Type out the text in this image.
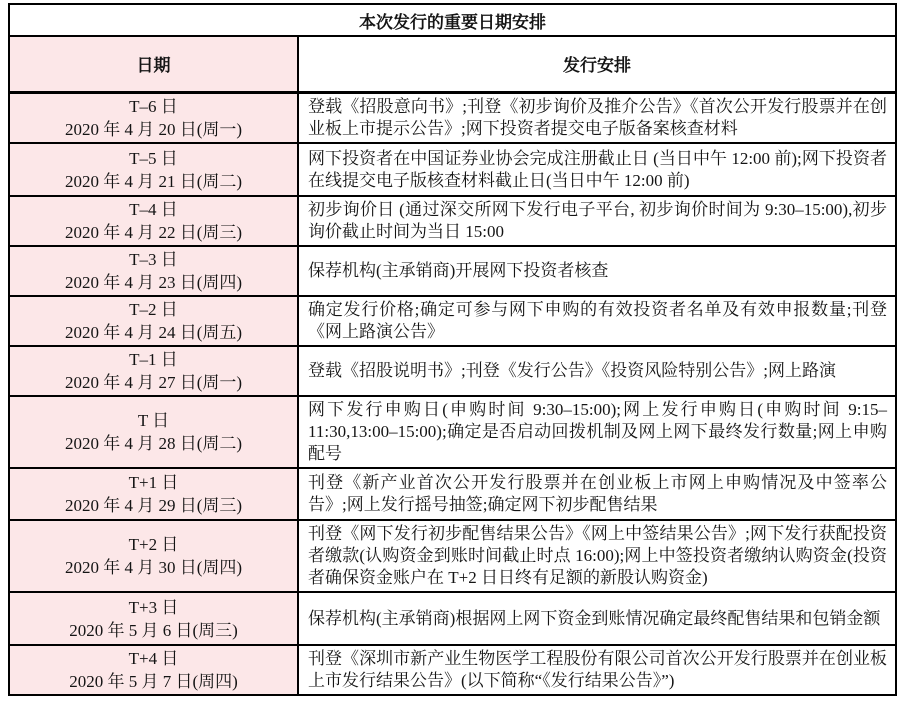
本次发行的重要日期安排	
日期	发行安排

T–6 日
2020 年 4 月 20 日(周一)	登载《招股意向书》;刊登《初步询价及推介公告》《首次公开发行股票并在创业板上市提示公告》;网下投资者提交电子版备案核查材料

T–5 日
2020 年 4 月 21 日(周二)	网下投资者在中国证券业协会完成注册截止日 (当日中午 12:00 前);网下投资者在线提交电子版核查材料截止日(当日中午 12:00 前)

T–4 日
2020 年 4 月 22 日(周三)	初步询价日 (通过深交所网下发行电子平台, 初步询价时间为 9:30–15:00),初步询价截止时间为当日 15:00

T–3 日
2020 年 4 月 23 日(周四)	保荐机构(主承销商)开展网下投资者核查

T–2 日
2020 年 4 月 24 日(周五)	确定发行价格;确定可参与网下申购的有效投资者名单及有效申报数量;刊登《网上路演公告》

T–1 日
2020 年 4 月 27 日(周一)	登载《招股说明书》;刊登《发行公告》《投资风险特别公告》;网上路演

T 日
2020 年 4 月 28 日(周二)	网下发行申购日(申购时间 9:30–15:00);网上发行申购日(申购时间 9:15–11:30,13:00–15:00);确定是否启动回拨机制及网上网下最终发行数量;网上申购配号

T+1 日
2020 年 4 月 29 日(周三)	刊登《新产业首次公开发行股票并在创业板上市网上申购情况及中签率公告》;网上发行摇号抽签;确定网下初步配售结果

T+2 日
2020 年 4 月 30 日(周四)	刊登《网下发行初步配售结果公告》《网上中签结果公告》;网下发行获配投资者缴款(认购资金到账时间截止时点 16:00);网上中签投资者缴纳认购资金(投资者确保资金账户在 T+2 日日终有足额的新股认购资金)

T+3 日
2020 年 5 月 6 日(周三)	保荐机构(主承销商)根据网上网下资金到账情况确定最终配售结果和包销金额

T+4 日
2020 年 5 月 7 日(周四)	刊登《深圳市新产业生物医学工程股份有限公司首次公开发行股票并在创业板上市发行结果公告》(以下简称“《发行结果公告》”)
